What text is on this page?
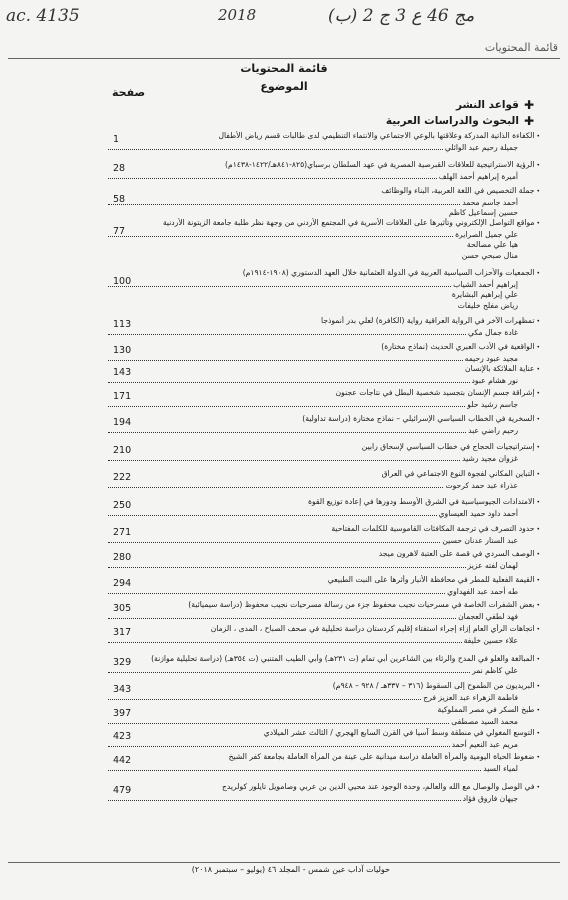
ac. 4135	2018	مج 46 ع 3 ج 2 (ب)
قائمة المحتويات
قائمة المحتويات
الموضوع
صفحة
✚
قواعد النشر
✚
البحوث والدراسات العربية
•
الكفاءة الذاتية المدركة وعلاقتها بالوعي الاجتماعي والانتماء التنظيمي لدى طالبات قسم رياض الأطفال
جميلة رحيم عبد الوائلي
1
•
الرؤية الاستراتيجية للعلاقات القبرصية المصرية في عهد السلطان برسباي(٨٢٥-٨٤١هـ/١٤٢٢-١٤٣٨م)
أميرة إبراهيم أحمد الهلف
28
•
جملة التخصيص في اللغة العربية، البناء والوظائف
أحمد جاسم محمد
حسين إسماعيل كاظم
58
•
مواقع التواصل الإلكتروني وتأثيرها على العلاقات الأسرية في المجتمع الأردني من وجهة نظر طلبة جامعة الزيتونة الأردنية
علي جميل الصرايرة
هيا علي مصالحة
منال صبحي حسن
77
•
الجمعيات والأحزاب السياسية العربية في الدولة العثمانية خلال العهد الدستوري (١٩٠٨-١٩١٤م)
إبراهيم أحمد الشياب
علي إبراهيم البشايرة
رياض مفلح خليفات
100
•
تمظهرات الآخر في الرواية العراقية رواية (الكافرة) لعلي بدر أنموذجا
غادة جمال مكي
113
•
الواقعية في الأدب العبري الحديث (نماذج مختارة)
مجيد عبود رحيمه
130
•
عناية الملائكة بالإنسان
نور هشام عبود
143
•
إشراقة جسم الإنسان بتجسيد شخصية البطل في نتاجات عجنون
جاسم رشيد حلو
171
•
السخرية في الخطاب السياسي الإسرائيلي – نماذج مختارة (دراسة تداولية)
رحيم راضي عبد
194
•
إستراتيجيات الحجاج في خطاب السياسي لإسحاق رابين
غزوان مجيد رشيد
210
•
التباين المكاني لفجوة النوع الاجتماعي في العراق
عذراء عبد حمد كرحوت
222
•
الامتدادات الجيوسياسية في الشرق الأوسط ودورها في إعادة توزيع القوة
أحمد داود حميد العيساوي
250
•
حدود التصرف في ترجمة المكافئات القاموسية للكلمات المفتاحية
عبد الستار عدنان حسين
271
•
الوصف السردي في قصة على العتبة لاهرون ميجد
لهمان لفته عزيز
280
•
القيمة الفعلية للمطر في محافظة الأنبار وأثرها على النبت الطبيعي
طه أحمد عبد الفهداوي
294
•
بعض الشفرات الخاصة في مسرحيات نجيب محفوظ جزء من رسالة مسرحيات نجيب محفوظ (دراسة سيميائية)
فهد لطفي العجمان
305
•
اتجاهات الرأي العام إزاء إجراء استفتاء إقليم كردستان دراسة تحليلية في صحف الصباح ، المدى ، الزمان
علاء حسين خليفة
317
•
المبالغة والغلو في المدح والرثاء بين الشاعرين أبي تمام (ت ٢٣١هـ) وأبي الطيب المتنبي (ت ٣٥٤هـ) (دراسة تحليلية موازنة)
علي كاظم نمر
329
•
البريديون من الطموح إلى السقوط (٣١٦ – ٣٣٧هـ / ٩٢٨ – ٩٤٨م)
فاطمة الزهراء عبد العزيز فرج
343
•
طبخ السكر في مصر المملوكية
محمد السيد مصطفى
397
•
التوسع المغولي في منطقة وسط آسيا في القرن السابع الهجري / الثالث عشر الميلادي
مريم عبد النعيم أحمد
423
•
ضغوط الحياة اليومية والمرأة العاملة دراسة ميدانية على عينة من المرأة العاملة بجامعة كفر الشيخ
لمياء السيد
442
•
في الوصل والوصال مع الله والعالم، وحدة الوجود عند محيي الدين بن عربي وصامويل تايلور كولريدج
جيهان فاروق فؤاد
479
حوليات آداب عين شمس - المجلد ٤٦ (يوليو – سبتمبر ٢٠١٨)
